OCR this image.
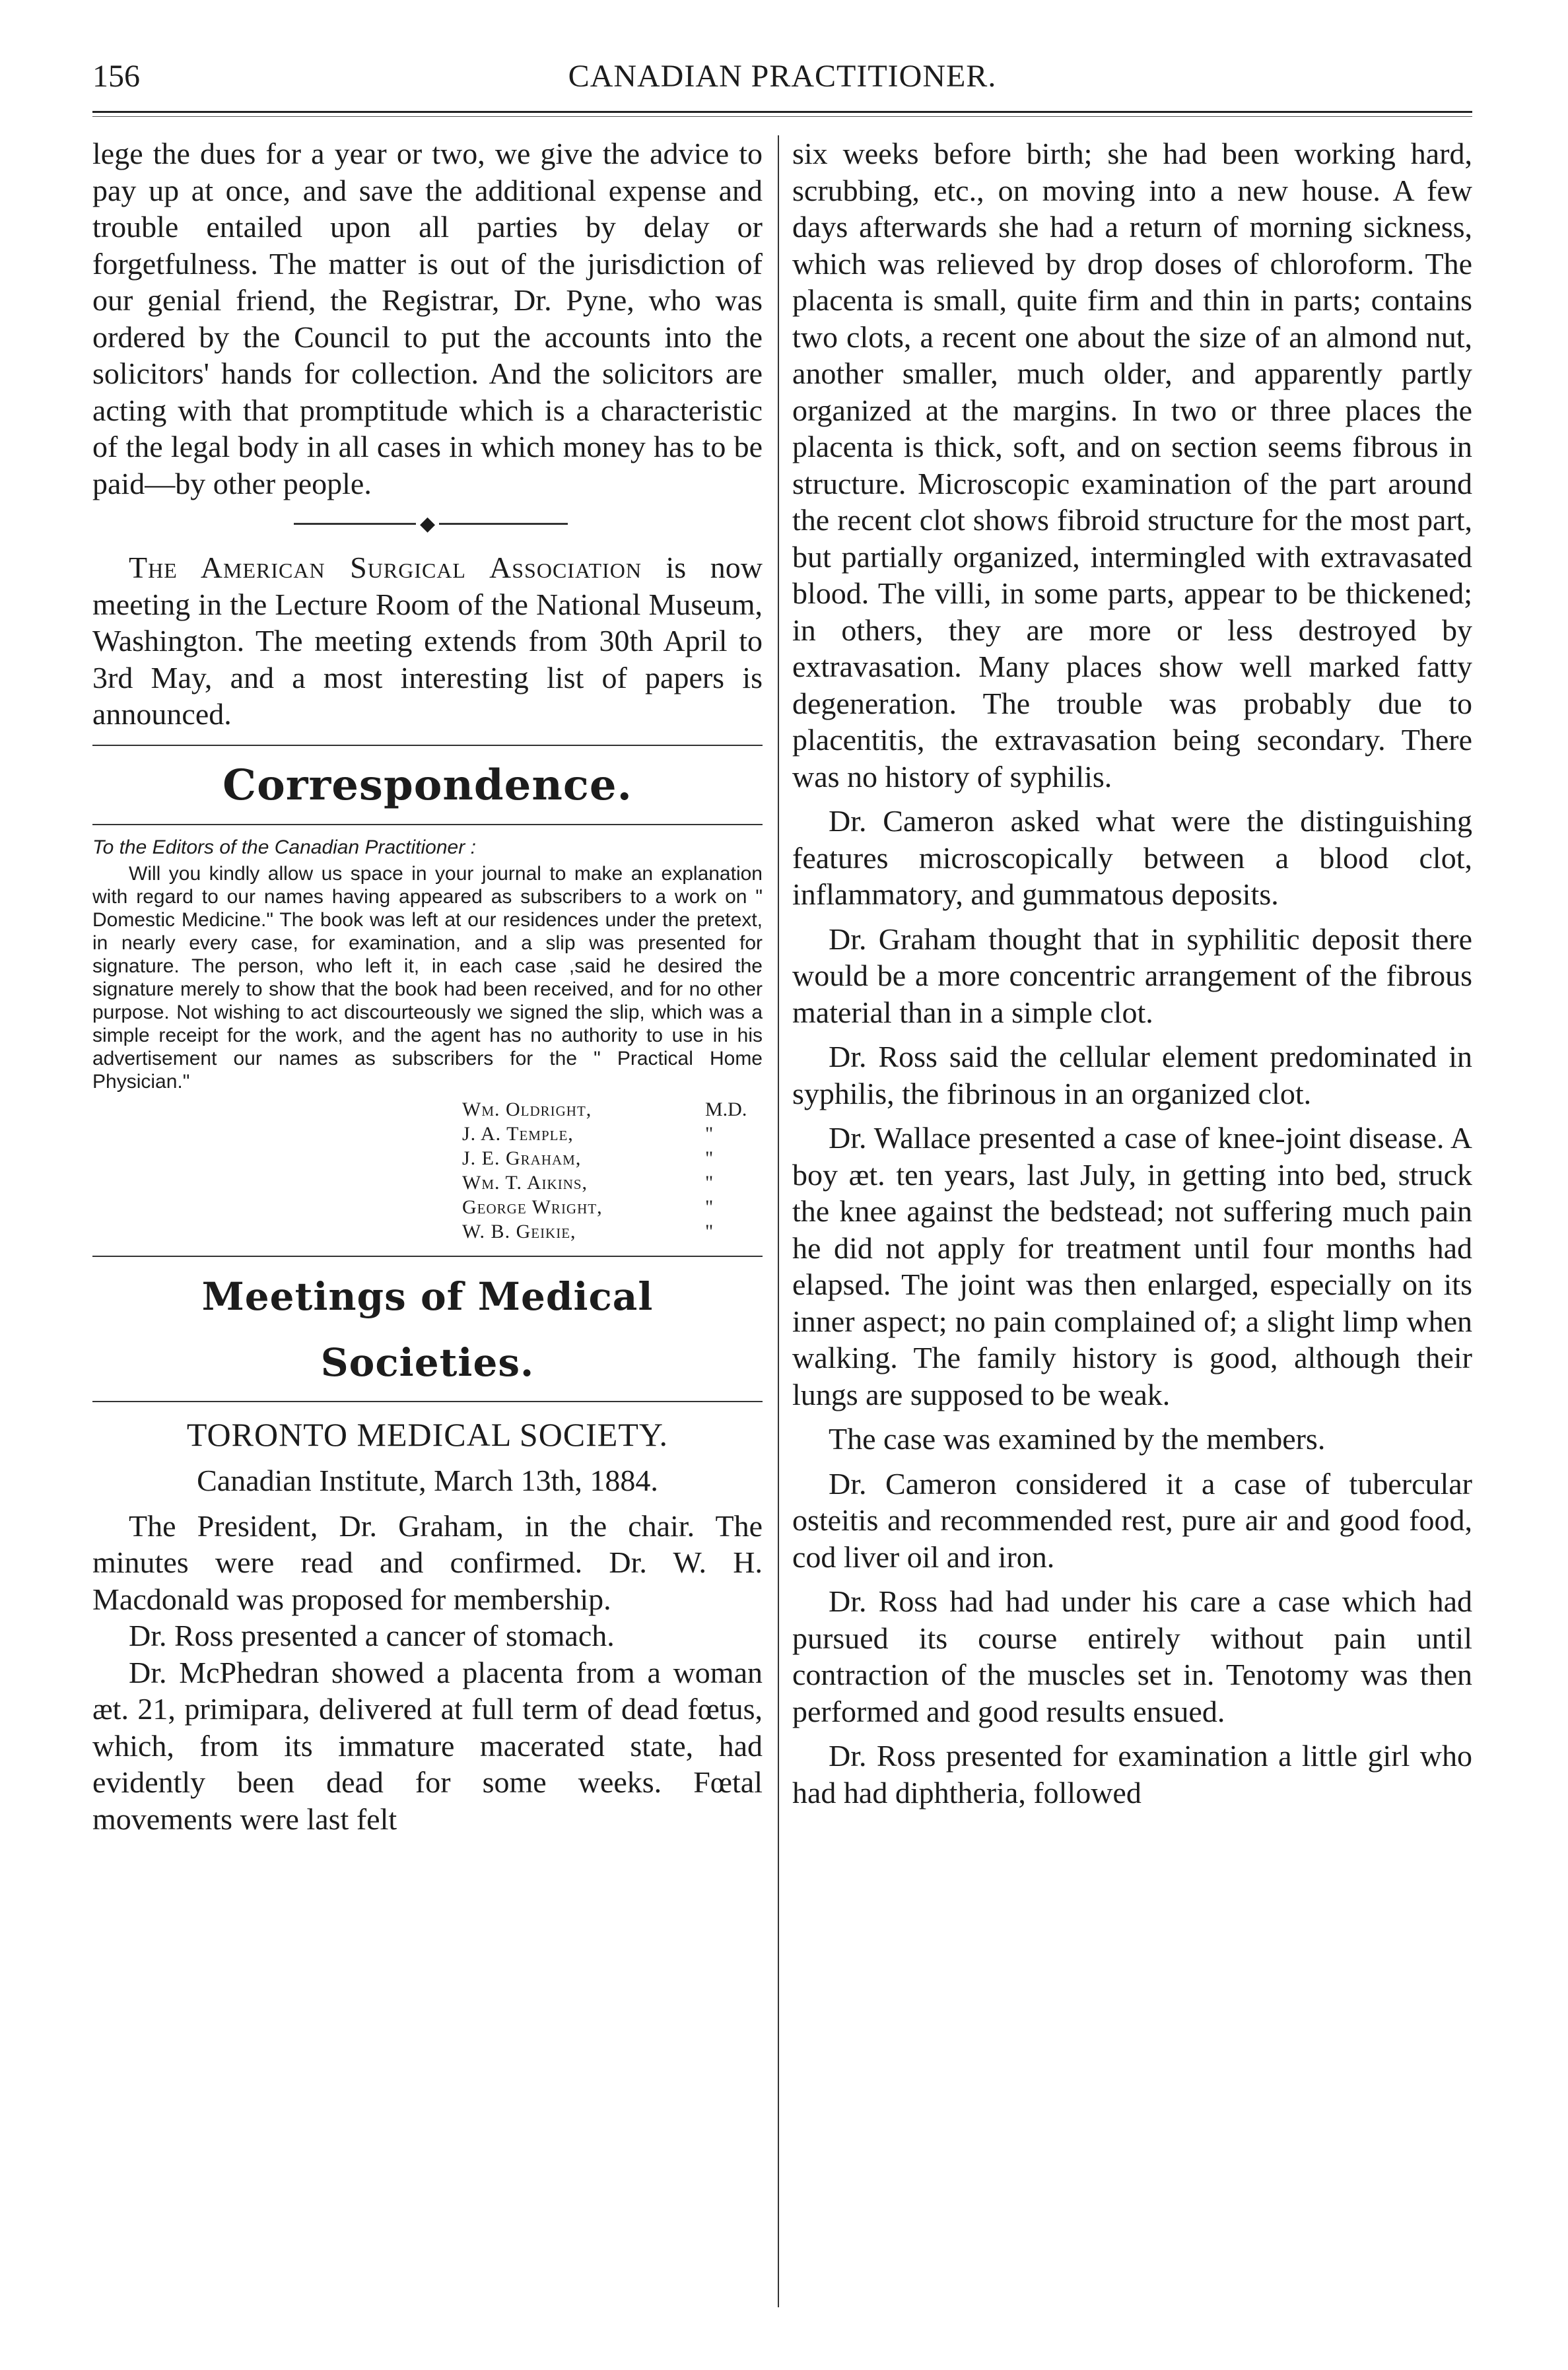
156	CANADIAN PRACTITIONER.

lege the dues for a year or two, we give the advice to pay up at once, and save the additional expense and trouble entailed upon all parties by delay or forgetfulness. The matter is out of the jurisdiction of our genial friend, the Registrar, Dr. Pyne, who was ordered by the Council to put the accounts into the solicitors' hands for collection. And the solicitors are acting with that promptitude which is a characteristic of the legal body in all cases in which money has to be paid—by other people.

◆

The American Surgical Association is now meeting in the Lecture Room of the National Museum, Washington. The meeting extends from 30th April to 3rd May, and a most interesting list of papers is announced.

Correspondence.
To the Editors of the Canadian Practitioner :

Will you kindly allow us space in your journal to make an explanation with regard to our names having appeared as subscribers to a work on " Domestic Medicine." The book was left at our residences under the pretext, in nearly every case, for examination, and a slip was presented for signature. The person, who left it, in each case ,said he desired the signature merely to show that the book had been received, and for no other purpose. Not wishing to act discourteously we signed the slip, which was a simple receipt for the work, and the agent has no authority to use in his advertisement our names as subscribers for the " Practical Home Physician."

Wm. Oldright,	M.D.
J. A. Temple,	"
J. E. Graham,	"
Wm. T. Aikins,	"
George Wright,	"
W. B. Geikie,	"
Meetings of Medical Societies.
TORONTO MEDICAL SOCIETY.
Canadian Institute, March 13th, 1884.

The President, Dr. Graham, in the chair. The minutes were read and confirmed. Dr. W. H. Macdonald was proposed for membership.

Dr. Ross presented a cancer of stomach.

Dr. McPhedran showed a placenta from a woman æt. 21, primipara, delivered at full term of dead fœtus, which, from its immature macerated state, had evidently been dead for some weeks. Fœtal movements were last felt

six weeks before birth; she had been working hard, scrubbing, etc., on moving into a new house. A few days afterwards she had a return of morning sickness, which was relieved by drop doses of chloroform. The placenta is small, quite firm and thin in parts; contains two clots, a recent one about the size of an almond nut, another smaller, much older, and apparently partly organized at the margins. In two or three places the placenta is thick, soft, and on section seems fibrous in structure. Microscopic examination of the part around the recent clot shows fibroid structure for the most part, but partially organized, intermingled with extravasated blood. The villi, in some parts, appear to be thickened; in others, they are more or less destroyed by extravasation. Many places show well marked fatty degeneration. The trouble was probably due to placentitis, the extravasation being secondary. There was no history of syphilis.

Dr. Cameron asked what were the distinguishing features microscopically between a blood clot, inflammatory, and gummatous deposits.

Dr. Graham thought that in syphilitic deposit there would be a more concentric arrangement of the fibrous material than in a simple clot.

Dr. Ross said the cellular element predominated in syphilis, the fibrinous in an organized clot.

Dr. Wallace presented a case of knee-joint disease. A boy æt. ten years, last July, in getting into bed, struck the knee against the bedstead; not suffering much pain he did not apply for treatment until four months had elapsed. The joint was then enlarged, especially on its inner aspect; no pain complained of; a slight limp when walking. The family history is good, although their lungs are supposed to be weak.

The case was examined by the members.

Dr. Cameron considered it a case of tubercular osteitis and recommended rest, pure air and good food, cod liver oil and iron.

Dr. Ross had had under his care a case which had pursued its course entirely without pain until contraction of the muscles set in. Tenotomy was then performed and good results ensued.

Dr. Ross presented for examination a little girl who had had diphtheria, followed
